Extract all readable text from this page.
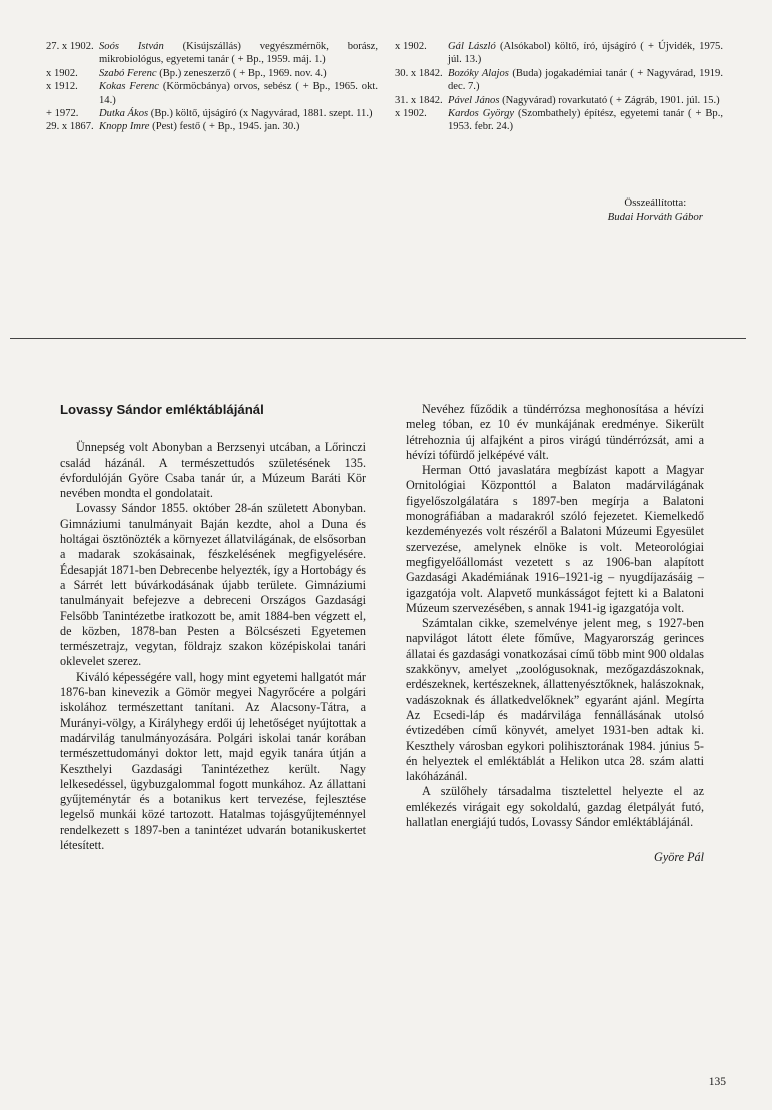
27. x 1902. Soós István (Kisújszállás) vegyészmérnök, borász, mikrobiológus, egyetemi tanár ( + Bp., 1959. máj. 1.)
x 1902.	Szabó Ferenc (Bp.) zeneszerző ( + Bp., 1969. nov. 4.)
x 1912.	Kokas Ferenc (Körmöcbánya) orvos, sebész ( + Bp., 1965. okt. 14.)
+ 1972.	Dutka Ákos (Bp.) költő, újságíró (x Nagyvárad, 1881. szept. 11.)
29. x 1867. Knopp Imre (Pest) festő ( + Bp., 1945. jan. 30.)
x 1902.	Gál László (Alsókabol) költő, író, újságíró ( + Újvidék, 1975. júl. 13.)
30. x 1842. Bozóky Alajos (Buda) jogakadémiai tanár ( + Nagyvárad, 1919. dec. 7.)
31. x 1842. Pável János (Nagyvárad) rovarkutató ( + Zágráb, 1901. júl. 15.)
x 1902.	Kardos György (Szombathely) építész, egyetemi tanár ( + Bp., 1953. febr. 24.)
Összeállította:
Budai Horváth Gábor
Lovassy Sándor emléktáblájánál

Ünnepség volt Abonyban a Berzsenyi utcában, a Lőrinczi család házánál. A természettudós születésének 135. évfordulóján Györe Csaba tanár úr, a Múzeum Baráti Kör nevében mondta el gondolatait.

Lovassy Sándor 1855. október 28-án született Abonyban. Gimnáziumi tanulmányait Baján kezdte, ahol a Duna és holtágai ösztönözték a környezet állatvilágának, de elsősorban a madarak szokásainak, fészkelésének megfigyelésére. Édesapját 1871-ben Debrecenbe helyezték, így a Hortobágy és a Sárrét lett búvárkodásának újabb területe. Gimnáziumi tanulmányait befejezve a debreceni Országos Gazdasági Felsőbb Tanintézetbe iratkozott be, amit 1884-ben végzett el, de közben, 1878-ban Pesten a Bölcsészeti Egyetemen természetrajz, vegytan, földrajz szakon középiskolai tanári oklevelet szerez.

Kiváló képességére vall, hogy mint egyetemi hallgatót már 1876-ban kinevezik a Gömör megyei Nagyrőcére a polgári iskolához természettant tanítani. Az Alacsony-Tátra, a Murányi-völgy, a Királyhegy erdői új lehetőséget nyújtottak a madárvilág tanulmányozására. Polgári iskolai tanár korában természettudományi doktor lett, majd egyik tanára útján a Keszthelyi Gazdasági Tanintézethez került. Nagy lelkesedéssel, ügybuzgalommal fogott munkához. Az állattani gyűjteménytár és a botanikus kert tervezése, fejlesztése legelső munkái közé tartozott. Hatalmas tojásgyűjteménnyel rendelkezett s 1897-ben a tanintézet udvarán botanikuskertet létesített.

Nevéhez fűződik a tündérrózsa meghonosítása a hévízi meleg tóban, ez 10 év munkájának eredménye. Sikerült létrehoznia új alfajként a piros virágú tündérrózsát, ami a hévízi tófürdő jelképévé vált.

Herman Ottó javaslatára megbízást kapott a Magyar Ornitológiai Központtól a Balaton madárvilágának figyelőszolgálatára s 1897-ben megírja a Balatoni monográfiában a madarakról szóló fejezetet. Kiemelkedő kezdeményezés volt részéről a Balatoni Múzeumi Egyesület szervezése, amelynek elnöke is volt. Meteorológiai megfigyelőállomást vezetett s az 1906-ban alapított Gazdasági Akadémiának 1916–1921-ig – nyugdíjazásáig – igazgatója volt. Alapvető munkásságot fejtett ki a Balatoni Múzeum szervezésében, s annak 1941-ig igazgatója volt.

Számtalan cikke, szemelvénye jelent meg, s 1927-ben napvilágot látott élete főműve, Magyarország gerinces állatai és gazdasági vonatkozásai című több mint 900 oldalas szakkönyv, amelyet „zoológusoknak, mezőgazdászoknak, erdészeknek, kertészeknek, állattenyésztőknek, halászoknak, vadászoknak és állatkedvelőknek” egyaránt ajánl. Megírta Az Ecsedi-láp és madárvilága fennállásának utolsó évtizedében című könyvét, amelyet 1931-ben adtak ki. Keszthely városban egykori polihisztorának 1984. június 5-én helyeztek el emléktáblát a Helikon utca 28. szám alatti lakóházánál.

A szülőhely társadalma tisztelettel helyezte el az emlékezés virágait egy sokoldalú, gazdag életpályát futó, hallatlan energiájú tudós, Lovassy Sándor emléktáblájánál.

Györe Pál
135
